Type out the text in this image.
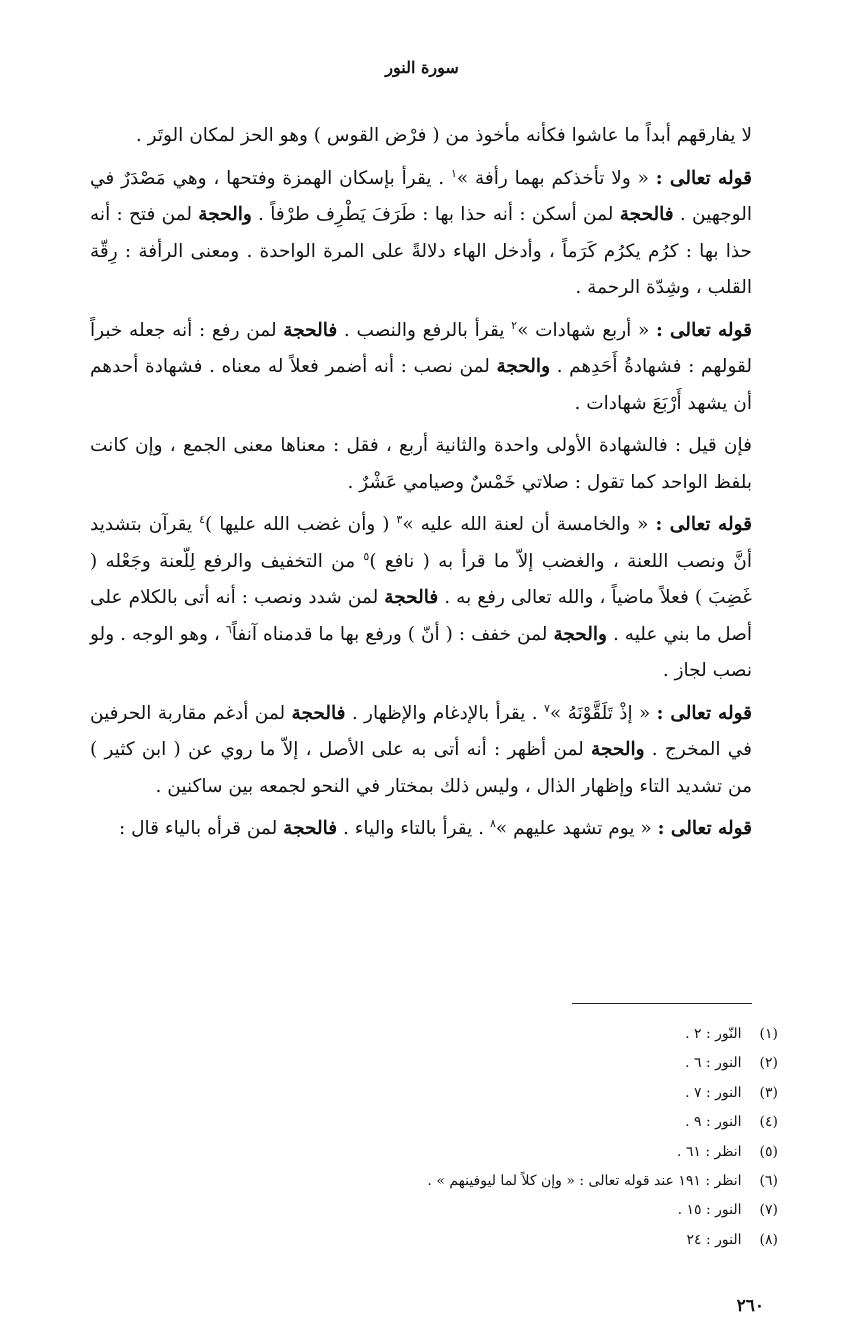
سورة النور

لا يفارقهم أبداً ما عاشوا فكأنه مأخوذ من ( فرْض القوس ) وهو الحز لمكان الوتَر .

قوله تعالى : « ولا تأخذكم بهما رأفة »$^١$ . يقرأ بإسكان الهمزة وفتحها ، وهي مَصْدَرٌ في الوجهين . فالحجة لمن أسكن : أنه حذا بها : طَرَفَ يَطْرِف طرْفاً . والحجة لمن فتح : أنه حذا بها : كرُم يكرُم كَرَماً ، وأدخل الهاء دلالةً على المرة الواحدة . ومعنى الرأفة : رِقّة القلب ، وشِدّة الرحمة .

قوله تعالى : « أربع شهادات »$^٢$ يقرأ بالرفع والنصب . فالحجة لمن رفع : أنه جعله خبراً لقولهم : فشهادةُ أَحَدِهم . والحجة لمن نصب : أنه أضمر فعلاً له معناه . فشهادة أحدهم أن يشهد أَرْبَعَ شهادات .

فإن قيل : فالشهادة الأولى واحدة والثانية أربع ، فقل : معناها معنى الجمع ، وإن كانت بلفظ الواحد كما تقول : صلاتي خَمْسٌ وصيامي عَشْرٌ .

قوله تعالى : « والخامسة أن لعنة الله عليه »$^٣$ ( وأن غضب الله عليها )$^٤$ يقرآن بتشديد أنَّ ونصب اللعنة ، والغضب إلاّ ما قرأ به ( نافع )$^٥$ من التخفيف والرفع لِلّعنة وجَعْله ( غَضِبَ ) فعلاً ماضياً ، والله تعالى رفع به . فالحجة لمن شدد ونصب : أنه أتى بالكلام على أصل ما بني عليه . والحجة لمن خفف : ( أنّ ) ورفع بها ما قدمناه آنفاً$^٦$ ، وهو الوجه . ولو نصب لجاز .

قوله تعالى : « إذْ تَلَقَّوْنَهُ »$^٧$ . يقرأ بالإدغام والإظهار . فالحجة لمن أدغم مقاربة الحرفين في المخرج . والحجة لمن أظهر : أنه أتى به على الأصل ، إلاّ ما روي عن ( ابن كثير ) من تشديد التاء وإظهار الذال ، وليس ذلك بمختار في النحو لجمعه بين ساكنين .

قوله تعالى : « يوم تشهد عليهم »$^٨$ . يقرأ بالتاء والياء . فالحجة لمن قرأه بالياء قال :

(١) النّور : ٢ .
(٢) النور : ٦ .
(٣) النور : ٧ .
(٤) النور : ٩ .
(٥) انظر : ٦١ .
(٦) انظر : ١٩١ عند قوله تعالى : « وإن كلاً لما ليوفينهم » .
(٧) النور : ١٥ .
(٨) النور : ٢٤
٢٦٠
